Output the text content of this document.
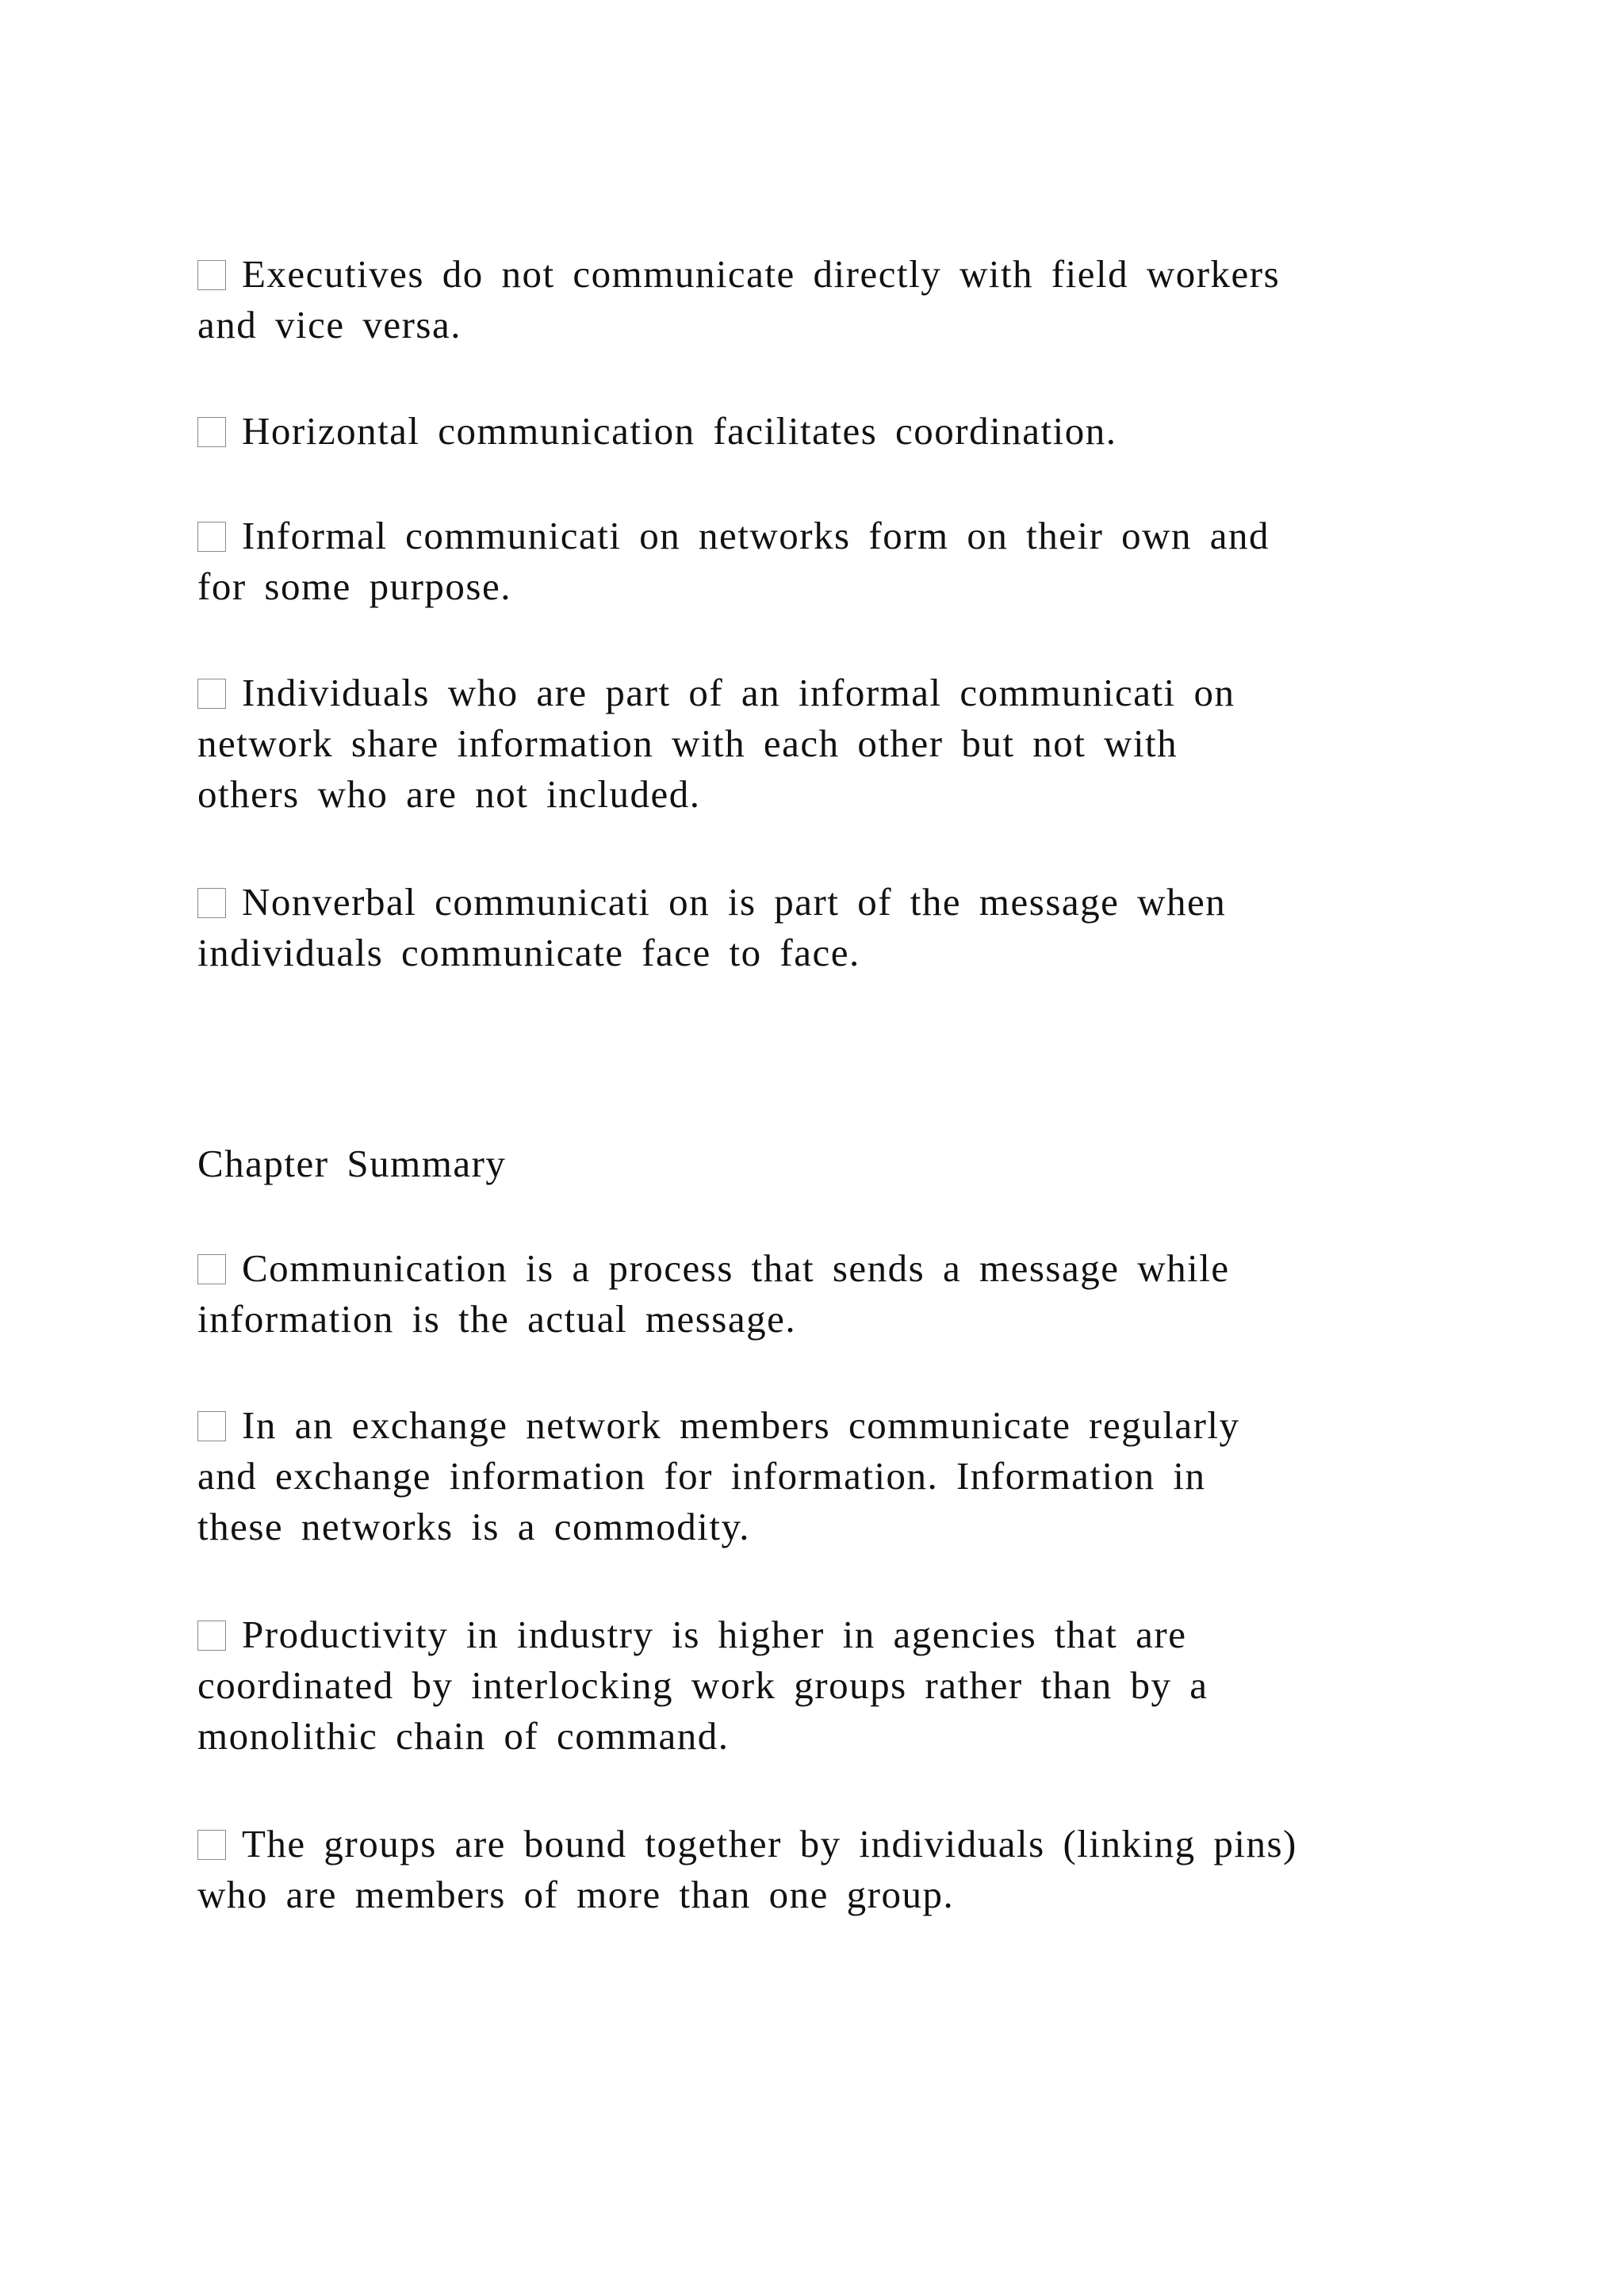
Executives do not communicate directly with field workers
and vice versa.

Horizontal communication facilitates coordination.

Informal communicati on networks form on their own and
for some purpose.

Individuals who are part of an informal communicati on
network share information with each other but not with
others who are not included.

Nonverbal communicati on is part of the message when
individuals communicate face to face.

Chapter Summary

Communication is a process that sends a message while
information is the actual message.

In an exchange network members communicate regularly
and exchange information for information. Information in
these networks is a commodity.

Productivity in industry is higher in agencies that are
coordinated by interlocking work groups rather than by a
monolithic chain of command.

The groups are bound together by individuals (linking pins)
who are members of more than one group.
